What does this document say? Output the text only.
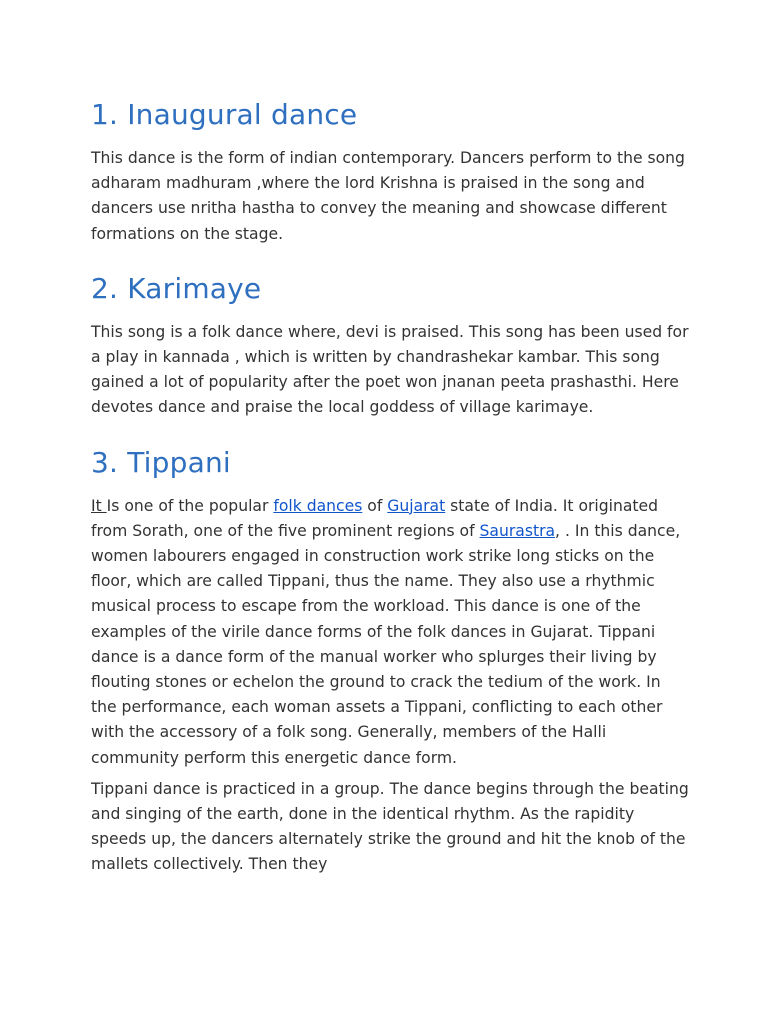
1. Inaugural dance

This dance is the form of indian contemporary. Dancers perform to the song adharam madhuram ,where the lord Krishna is praised in the song and dancers use nritha hastha to convey the meaning and showcase different formations on the stage.

2. Karimaye

This song is a folk dance where, devi is praised. This song has been used for a play in kannada , which is written by chandrashekar kambar. This song gained a lot of popularity after the poet won jnanan peeta prashasthi. Here devotes dance and praise the local goddess of village karimaye.

3. Tippani

It Is one of the popular folk dances of Gujarat state of India. It originated from Sorath, one of the five prominent regions of Saurastra, . In this dance, women labourers engaged in construction work strike long sticks on the floor, which are called Tippani, thus the name. They also use a rhythmic musical process to escape from the workload. This dance is one of the examples of the virile dance forms of the folk dances in Gujarat. Tippani dance is a dance form of the manual worker who splurges their living by flouting stones or echelon the ground to crack the tedium of the work. In the performance, each woman assets a Tippani, conflicting to each other with the accessory of a folk song. Generally, members of the Halli community perform this energetic dance form.

Tippani dance is practiced in a group. The dance begins through the beating and singing of the earth, done in the identical rhythm. As the rapidity speeds up, the dancers alternately strike the ground and hit the knob of the mallets collectively. Then they
